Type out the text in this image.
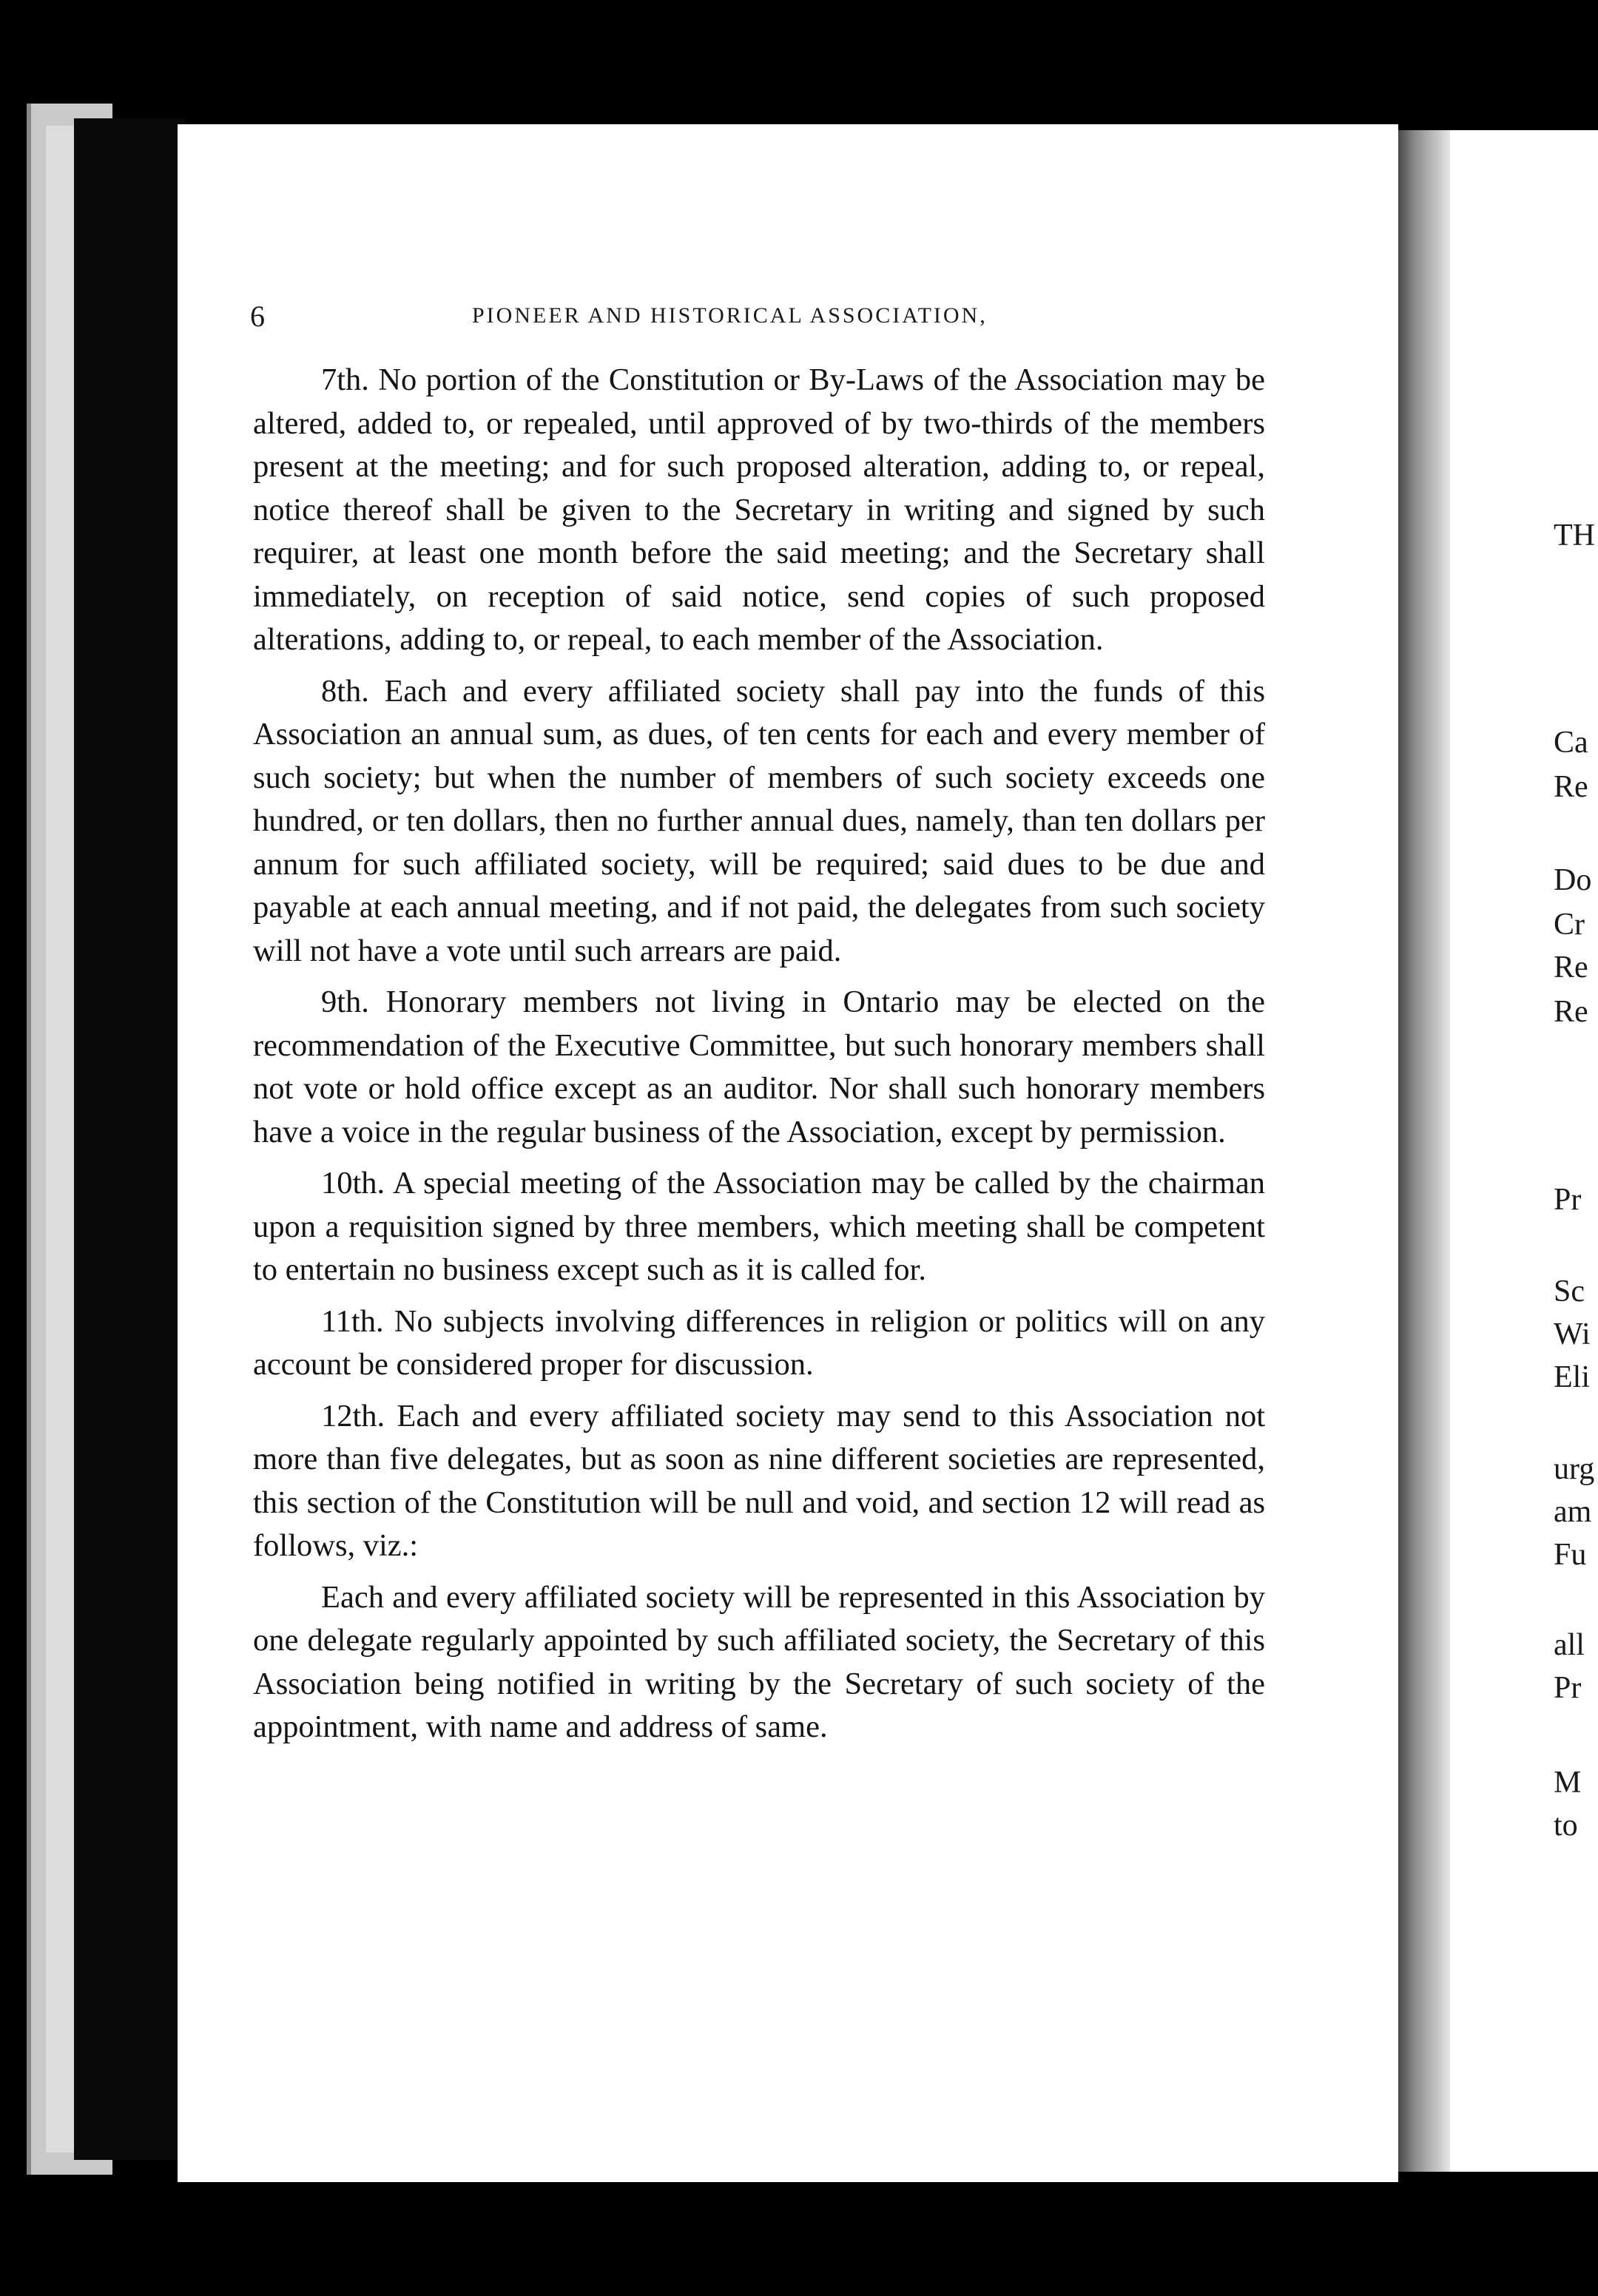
6	PIONEER AND HISTORICAL ASSOCIATION,

7th. No portion of the Constitution or By-Laws of the Association may be altered, added to, or repealed, until approved of by two-thirds of the members present at the meeting; and for such proposed alteration, adding to, or repeal, notice thereof shall be given to the Secretary in writing and signed by such requirer, at least one month before the said meeting; and the Secretary shall immediately, on reception of said notice, send copies of such proposed alterations, adding to, or repeal, to each member of the Association.

8th. Each and every affiliated society shall pay into the funds of this Association an annual sum, as dues, of ten cents for each and every member of such society; but when the number of members of such society exceeds one hundred, or ten dollars, then no further annual dues, namely, than ten dollars per annum for such affiliated society, will be required; said dues to be due and payable at each annual meeting, and if not paid, the delegates from such society will not have a vote until such arrears are paid.

9th. Honorary members not living in Ontario may be elected on the recommendation of the Executive Committee, but such honorary members shall not vote or hold office except as an auditor. Nor shall such honorary members have a voice in the regular business of the Association, except by permission.

10th. A special meeting of the Association may be called by the chairman upon a requisition signed by three members, which meeting shall be competent to entertain no business except such as it is called for.

11th. No subjects involving differences in religion or politics will on any account be considered proper for discussion.

12th. Each and every affiliated society may send to this Association not more than five delegates, but as soon as nine different societies are represented, this section of the Constitution will be null and void, and section 12 will read as follows, viz.:

Each and every affiliated society will be represented in this Association by one delegate regularly appointed by such affiliated society, the Secretary of this Association being notified in writing by the Secretary of such society of the appointment, with name and address of same.

TH
Ca
Re
Do
Cr
Re
Re
Pr
Sc
Wi
Eli
urg
am
Fu
all
Pr
M
to
